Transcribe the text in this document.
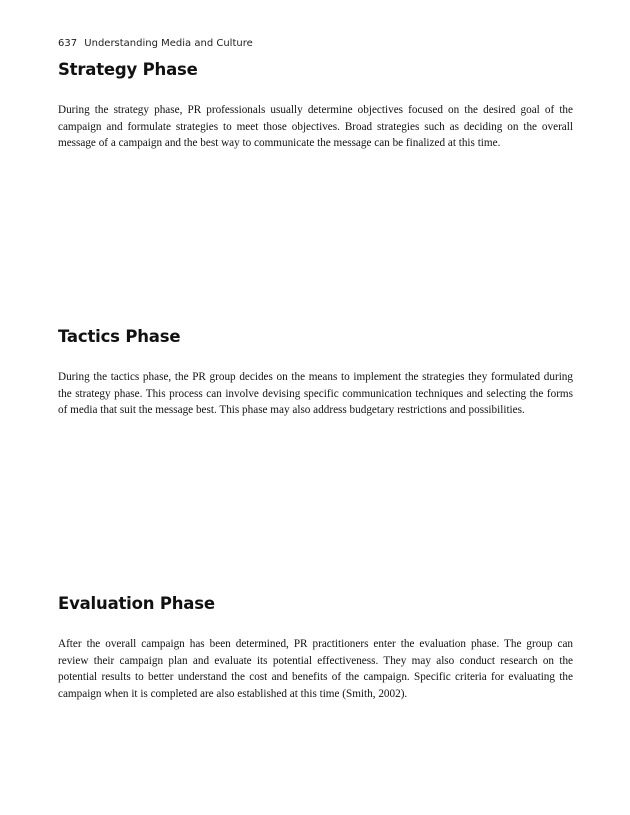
637 Understanding Media and Culture
Strategy Phase

During the strategy phase, PR professionals usually determine objectives focused on the desired goal of the campaign and formulate strategies to meet those objectives. Broad strategies such as deciding on the overall message of a campaign and the best way to communicate the message can be finalized at this time.

Tactics Phase

During the tactics phase, the PR group decides on the means to implement the strategies they formulated during the strategy phase. This process can involve devising specific communication techniques and selecting the forms of media that suit the message best. This phase may also address budgetary restrictions and possibilities.

Evaluation Phase

After the overall campaign has been determined, PR practitioners enter the evaluation phase. The group can review their campaign plan and evaluate its potential effectiveness. They may also conduct research on the potential results to better understand the cost and benefits of the campaign. Specific criteria for evaluating the campaign when it is completed are also established at this time (Smith, 2002).
